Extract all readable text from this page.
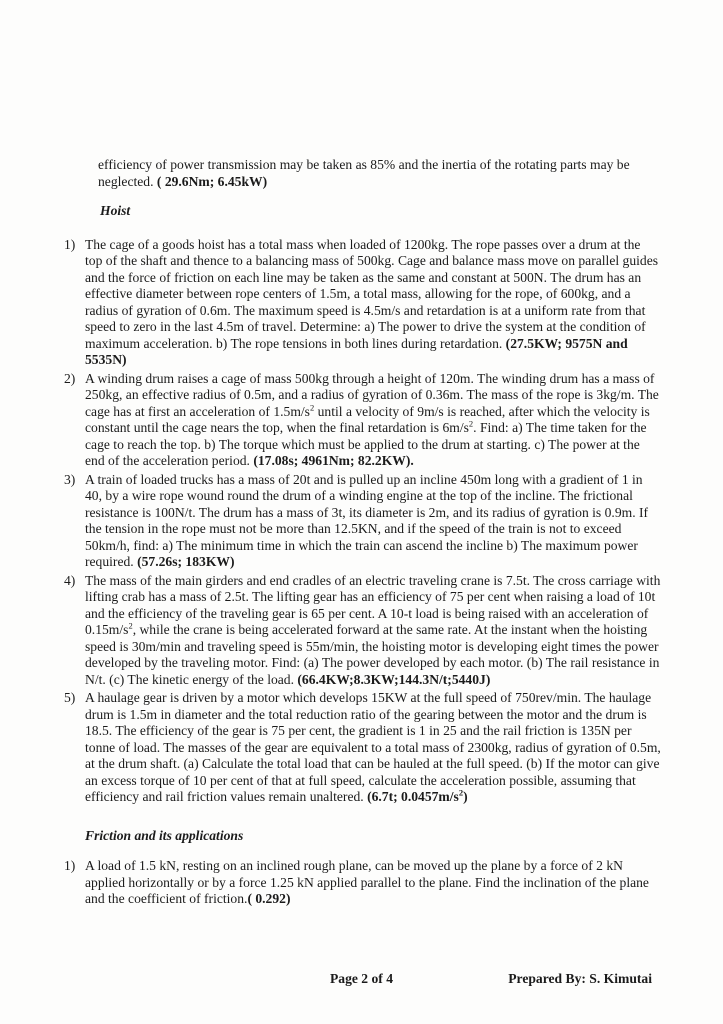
efficiency of power transmission may be taken as 85% and the inertia of the rotating parts may be neglected. ( 29.6Nm; 6.45kW)
Hoist
1) The cage of a goods hoist has a total mass when loaded of 1200kg. The rope passes over a drum at the top of the shaft and thence to a balancing mass of 500kg. Cage and balance mass move on parallel guides and the force of friction on each line may be taken as the same and constant at 500N. The drum has an effective diameter between rope centers of 1.5m, a total mass, allowing for the rope, of 600kg, and a radius of gyration of 0.6m. The maximum speed is 4.5m/s and retardation is at a uniform rate from that speed to zero in the last 4.5m of travel. Determine: a) The power to drive the system at the condition of maximum acceleration. b) The rope tensions in both lines during retardation. (27.5KW; 9575N and 5535N)
2) A winding drum raises a cage of mass 500kg through a height of 120m. The winding drum has a mass of 250kg, an effective radius of 0.5m, and a radius of gyration of 0.36m. The mass of the rope is 3kg/m. The cage has at first an acceleration of $1.5m/s^2$ until a velocity of 9m/s is reached, after which the velocity is constant until the cage nears the top, when the final retardation is $6m/s^2$. Find: a) The time taken for the cage to reach the top. b) The torque which must be applied to the drum at starting. c) The power at the end of the acceleration period. (17.08s; 4961Nm; 82.2KW).
3) A train of loaded trucks has a mass of 20t and is pulled up an incline 450m long with a gradient of 1 in 40, by a wire rope wound round the drum of a winding engine at the top of the incline. The frictional resistance is 100N/t. The drum has a mass of 3t, its diameter is 2m, and its radius of gyration is 0.9m. If the tension in the rope must not be more than 12.5KN, and if the speed of the train is not to exceed 50km/h, find: a) The minimum time in which the train can ascend the incline b) The maximum power required. (57.26s; 183KW)
4) The mass of the main girders and end cradles of an electric traveling crane is 7.5t. The cross carriage with lifting crab has a mass of 2.5t. The lifting gear has an efficiency of 75 per cent when raising a load of 10t and the efficiency of the traveling gear is 65 per cent. A 10-t load is being raised with an acceleration of $0.15m/s^2$, while the crane is being accelerated forward at the same rate. At the instant when the hoisting speed is 30m/min and traveling speed is 55m/min, the hoisting motor is developing eight times the power developed by the traveling motor. Find: (a) The power developed by each motor. (b) The rail resistance in N/t. (c) The kinetic energy of the load. (66.4KW;8.3KW;144.3N/t;5440J)
5) A haulage gear is driven by a motor which develops 15KW at the full speed of 750rev/min. The haulage drum is 1.5m in diameter and the total reduction ratio of the gearing between the motor and the drum is 18.5. The efficiency of the gear is 75 per cent, the gradient is 1 in 25 and the rail friction is 135N per tonne of load. The masses of the gear are equivalent to a total mass of 2300kg, radius of gyration of 0.5m, at the drum shaft. (a) Calculate the total load that can be hauled at the full speed. (b) If the motor can give an excess torque of 10 per cent of that at full speed, calculate the acceleration possible, assuming that efficiency and rail friction values remain unaltered. (6.7t; $0.0457m/s^2$)
Friction and its applications
1) A load of 1.5 kN, resting on an inclined rough plane, can be moved up the plane by a force of 2 kN applied horizontally or by a force 1.25 kN applied parallel to the plane. Find the inclination of the plane and the coefficient of friction.( 0.292)
Page 2 of 4	Prepared By: S. Kimutai
